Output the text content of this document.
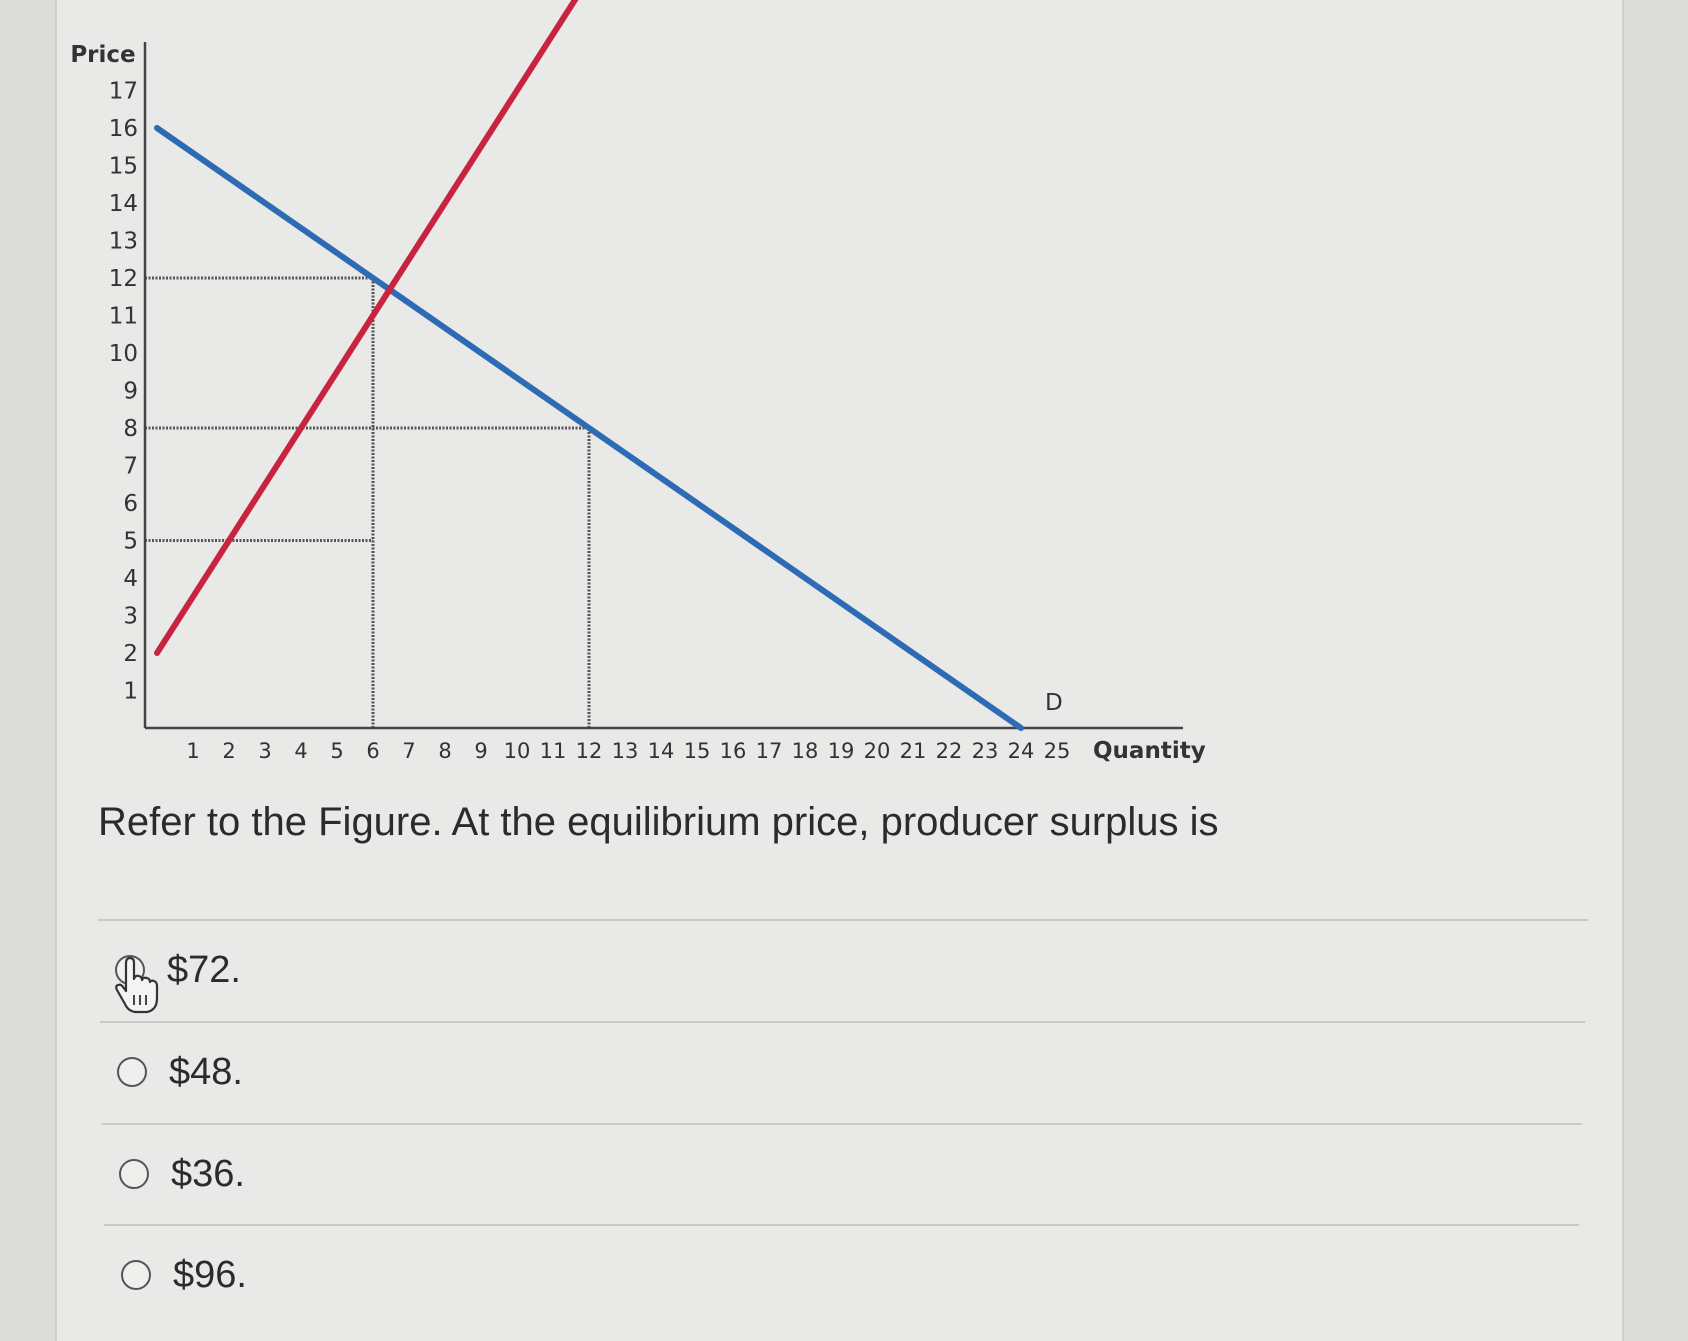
1
2
3
4
5
6
7
8
9
10
11
12
13
14
15
16
17
1 2 3 4 5 6 7 8 9 10 11 12 13 14 15 16 17 18 19 20 21 22 23 24 25
D
Price
Quantity
Refer to the Figure. At the equilibrium price, producer surplus is
$72.
$48.
$36.
$96.
